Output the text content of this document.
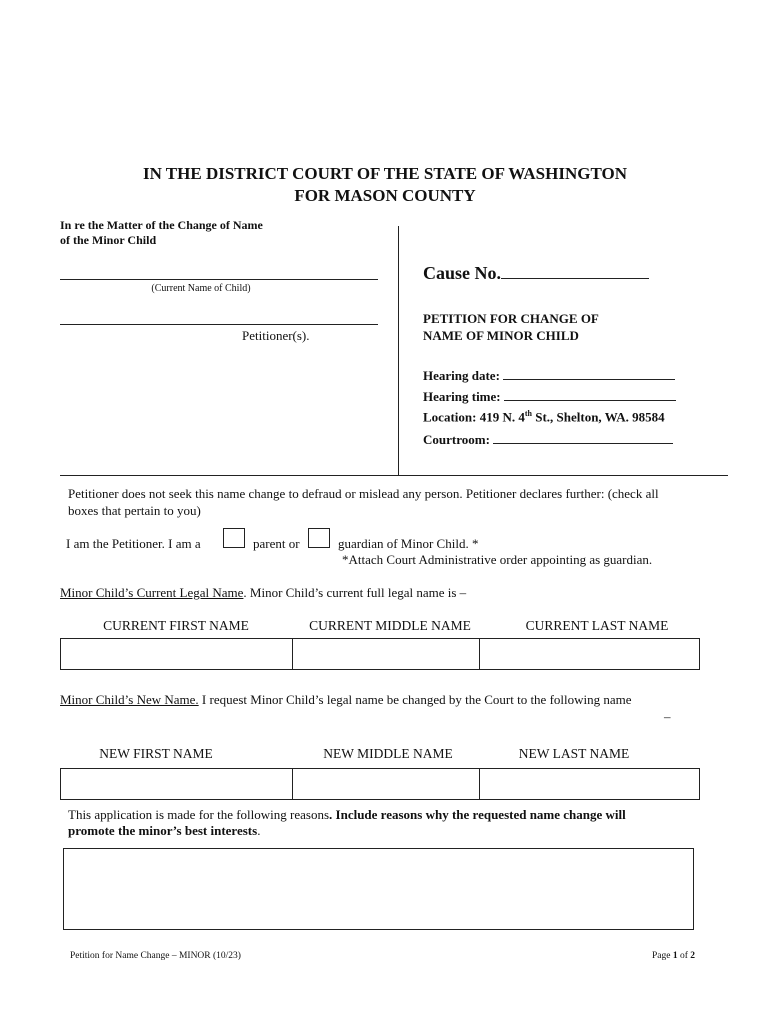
IN THE DISTRICT COURT OF THE STATE OF WASHINGTON
FOR MASON COUNTY
In re the Matter of the Change of Name
of the Minor Child
(Current Name of Child)
Petitioner(s).
Cause No.
PETITION FOR CHANGE OF
NAME OF MINOR CHILD
Hearing date:
Hearing time:
Location: 419 N. 4th St., Shelton, WA. 98584
Courtroom:
Petitioner does not seek this name change to defraud or mislead any person. Petitioner declares further: (check all
boxes that pertain to you)
I am the Petitioner. I am a	parent or	guardian of Minor Child. *
*Attach Court Administrative order appointing as guardian.
Minor Child’s Current Legal Name. Minor Child’s current full legal name is –
CURRENT FIRST NAME	CURRENT MIDDLE NAME	CURRENT LAST NAME
Minor Child’s New Name. I request Minor Child’s legal name be changed by the Court to the following name
–
NEW FIRST NAME	NEW MIDDLE NAME	NEW LAST NAME
This application is made for the following reasons. Include reasons why the requested name change will
promote the minor’s best interests.
Petition for Name Change – MINOR (10/23)	Page 1 of 2
